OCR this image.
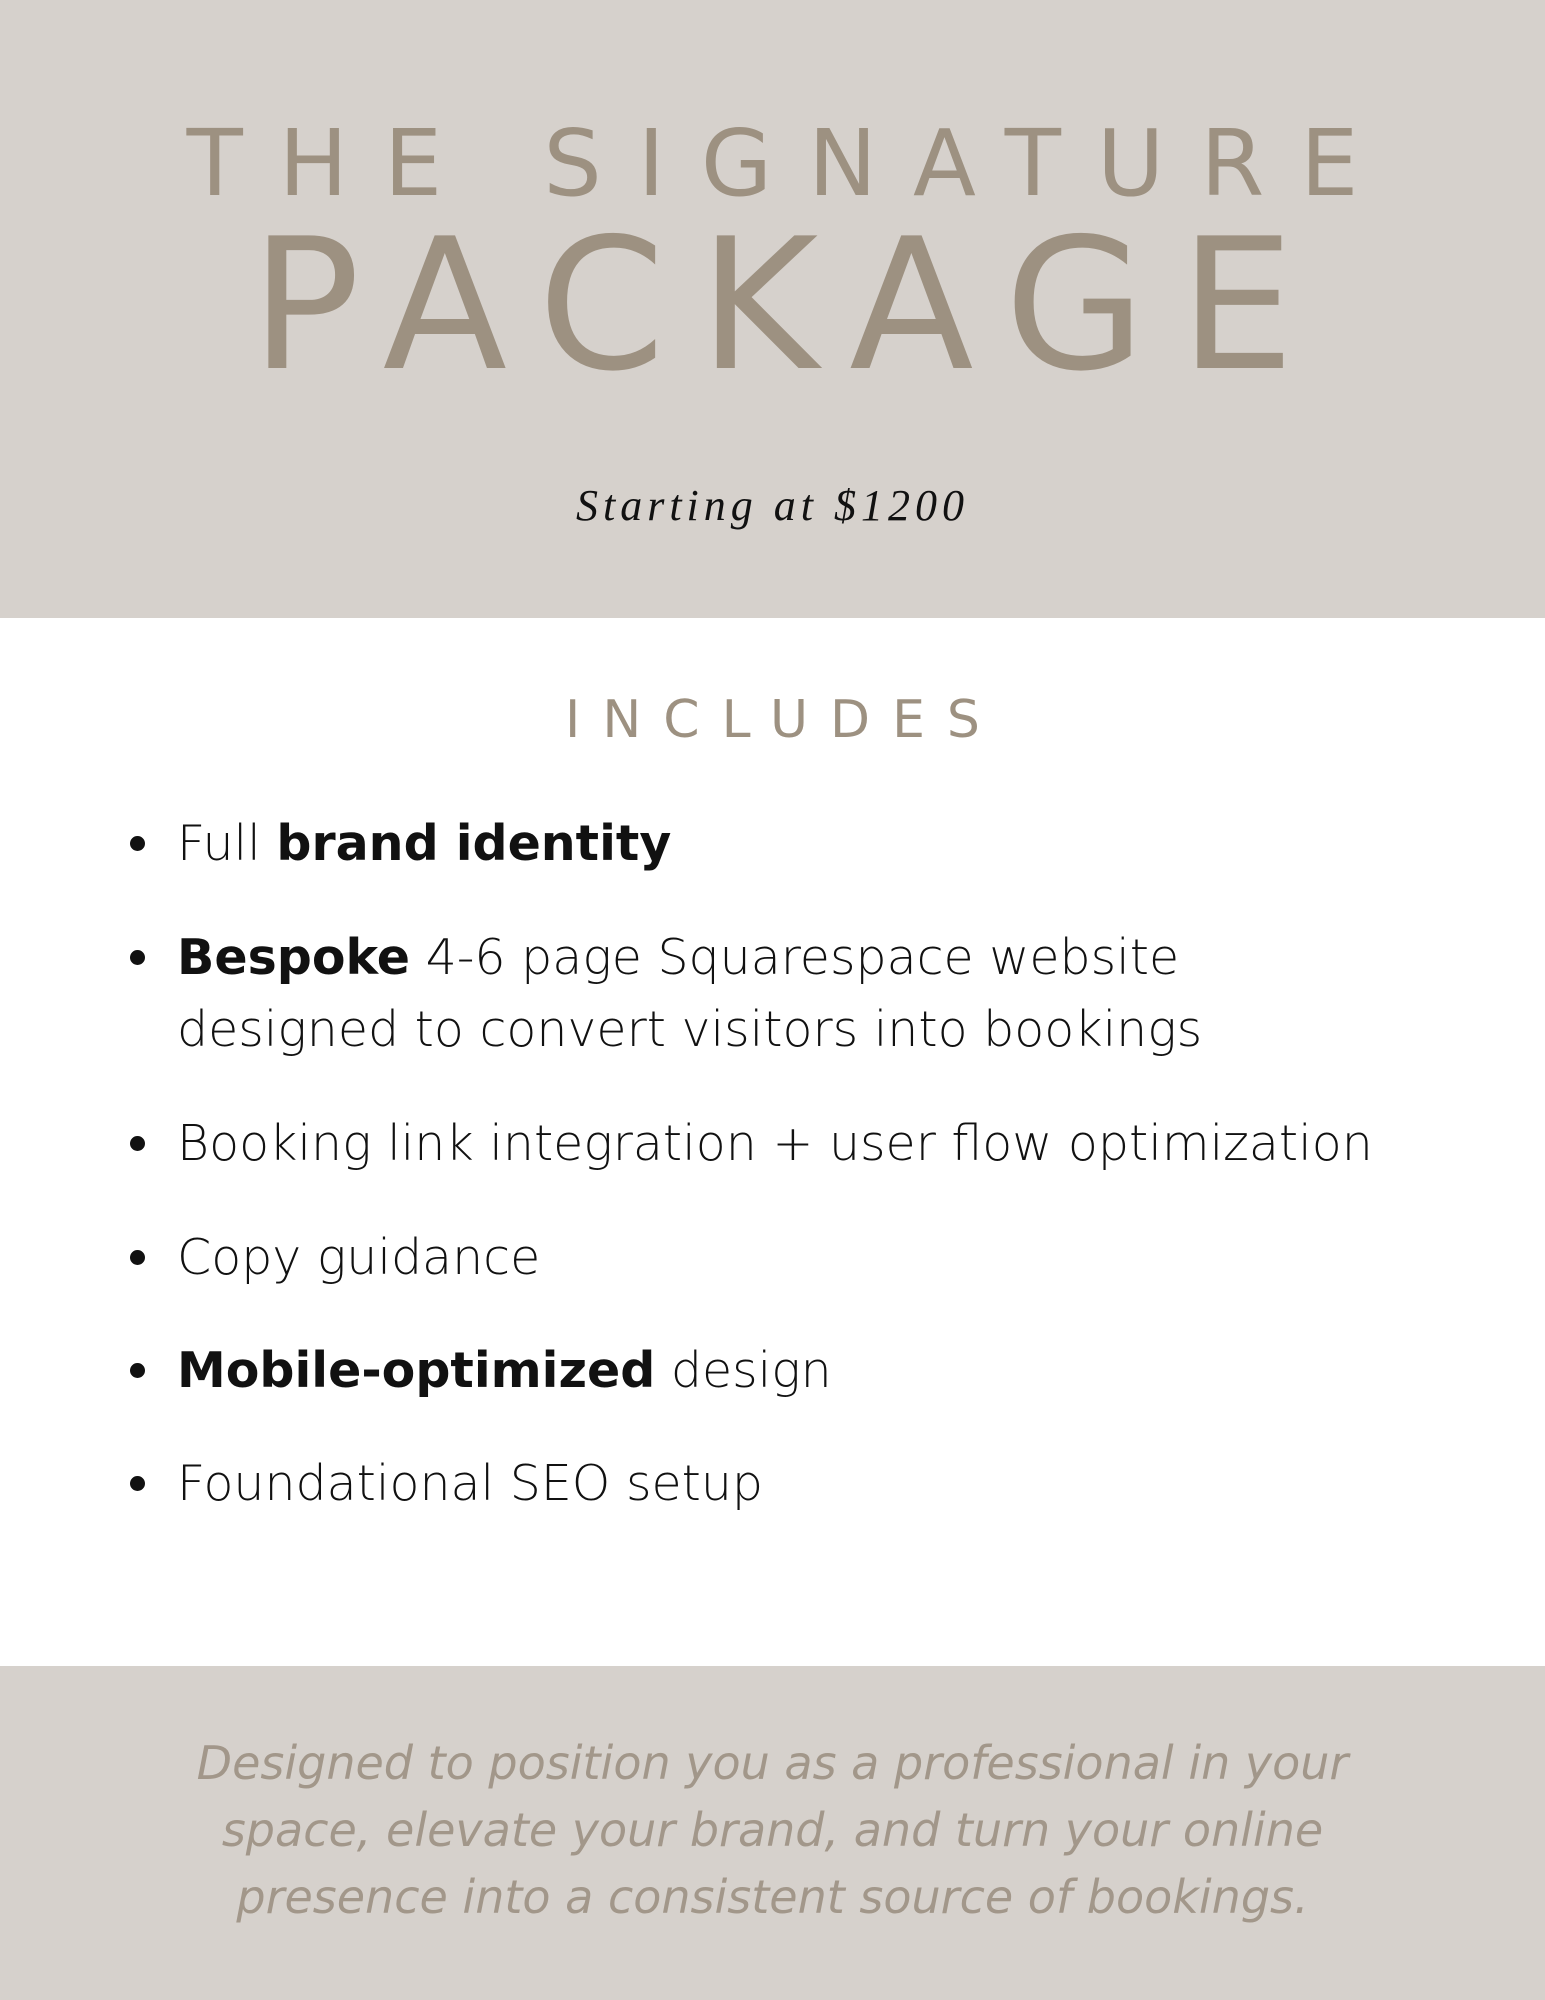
THE SIGNATURE
PACKAGE
Starting at $1200
INCLUDES
Full brand identity
Bespoke 4-6 page Squarespace website
designed to convert visitors into bookings
Booking link integration + user flow optimization
Copy guidance
Mobile-optimized design
Foundational SEO setup
Designed to position you as a professional in your
space, elevate your brand, and turn your online
presence into a consistent source of bookings.
